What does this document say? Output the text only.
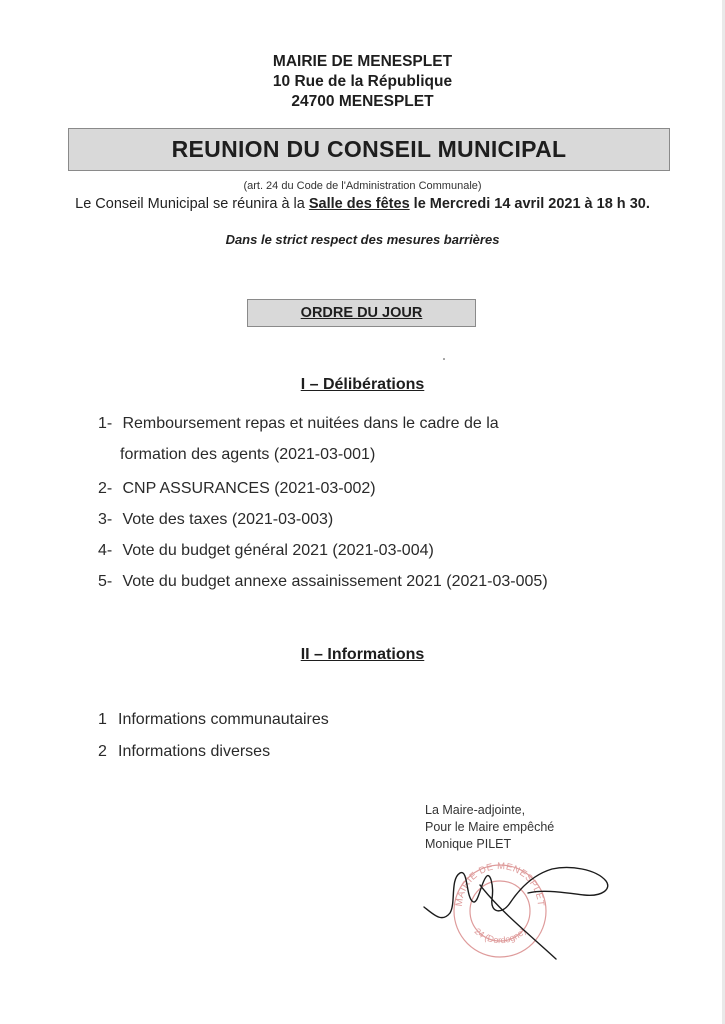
MAIRIE DE MENESPLET
10 Rue de la République
24700 MENESPLET
REUNION DU CONSEIL MUNICIPAL
(art. 24 du Code de l'Administration Communale)
Le Conseil Municipal se réunira à la Salle des fêtes le Mercredi 14 avril 2021 à 18 h 30.
Dans le strict respect des mesures barrières
ORDRE DU JOUR
I – Délibérations
1- Remboursement repas et nuitées dans le cadre de la
formation des agents (2021-03-001)
2- CNP ASSURANCES (2021-03-002)
3- Vote des taxes (2021-03-003)
4- Vote du budget général 2021 (2021-03-004)
5- Vote du budget annexe assainissement 2021 (2021-03-005)
II – Informations
1 Informations communautaires
2 Informations diverses
La Maire-adjointe,
Pour le Maire empêché
Monique PILET
MAIRIE DE MENESPLET
24 (Dordogne)
